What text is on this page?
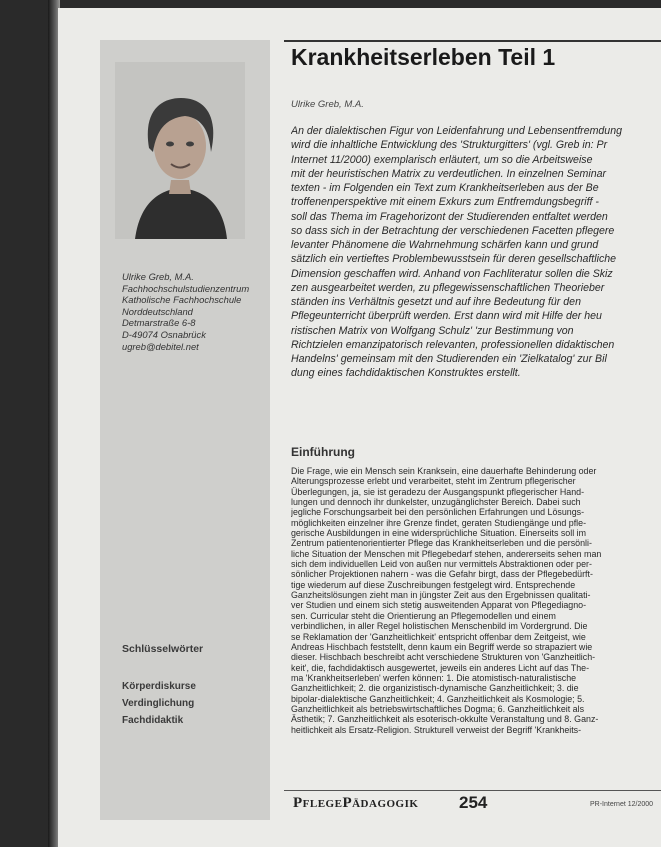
Ulrike Greb, M.A.
Fachhochschulstudienzentrum
Katholische Fachhochschule
Norddeutschland
Detmarstraße 6-8
D-49074 Osnabrück
ugreb@debitel.net
Schlüsselwörter
Körperdiskurse
Verdinglichung
Fachdidaktik
Krankheitserleben Teil 1
Ulrike Greb, M.A.
An der dialektischen Figur von Leidenfahrung und Lebensentfremdung
wird die inhaltliche Entwicklung des 'Strukturgitters' (vgl. Greb in: Pr
Internet 11/2000) exemplarisch erläutert, um so die Arbeitsweise
mit der heuristischen Matrix zu verdeutlichen. In einzelnen Seminar
texten - im Folgenden ein Text zum Krankheitserleben aus der Be
troffenenperspektive mit einem Exkurs zum Entfremdungsbegriff -
soll das Thema im Fragehorizont der Studierenden entfaltet werden
so dass sich in der Betrachtung der verschiedenen Facetten pflegere
levanter Phänomene die Wahrnehmung schärfen kann und grund
sätzlich ein vertieftes Problembewusstsein für deren gesellschaftliche
Dimension geschaffen wird. Anhand von Fachliteratur sollen die Skiz
zen ausgearbeitet werden, zu pflegewissenschaftlichen Theorieber
ständen ins Verhältnis gesetzt und auf ihre Bedeutung für den
Pflegeunterricht überprüft werden. Erst dann wird mit Hilfe der heu
ristischen Matrix von Wolfgang Schulz' 'zur Bestimmung von
Richtzielen emanzipatorisch relevanten, professionellen didaktischen
Handelns' gemeinsam mit den Studierenden ein 'Zielkatalog' zur Bil
dung eines fachdidaktischen Konstruktes erstellt.
Einführung
Die Frage, wie ein Mensch sein Kranksein, eine dauerhafte Behinderung oder
Alterungsprozesse erlebt und verarbeitet, steht im Zentrum pflegerischer
Überlegungen, ja, sie ist geradezu der Ausgangspunkt pflegerischer Hand-
lungen und dennoch ihr dunkelster, unzugänglichster Bereich. Dabei such
jegliche Forschungsarbeit bei den persönlichen Erfahrungen und Lösungs-
möglichkeiten einzelner ihre Grenze findet, geraten Studiengänge und pfle-
gerische Ausbildungen in eine widersprüchliche Situation. Einerseits soll im
Zentrum patientenorientierter Pflege das Krankheitserleben und die persönli-
liche Situation der Menschen mit Pflegebedarf stehen, andererseits sehen man
sich dem individuellen Leid von außen nur vermittels Abstraktionen oder per-
sönlicher Projektionen nahern - was die Gefahr birgt, dass der Pflegebedürft-
tige wiederum auf diese Zuschreibungen festgelegt wird. Entsprechende
Ganzheitslösungen zieht man in jüngster Zeit aus den Ergebnissen qualitati-
ver Studien und einem sich stetig ausweitenden Apparat von Pflegediagno-
sen. Curricular steht die Orientierung an Pflegemodellen und einem
verbindlichen, in aller Regel holistischen Menschenbild im Vordergrund. Die
se Reklamation der 'Ganzheitlichkeit' entspricht offenbar dem Zeitgeist, wie
Andreas Hischbach feststellt, denn kaum ein Begriff werde so strapaziert wie
dieser. Hischbach beschreibt acht verschiedene Strukturen von 'Ganzheitlich-
keit', die, fachdidaktisch ausgewertet, jeweils ein anderes Licht auf das The-
ma 'Krankheitserleben' werfen können: 1. Die atomistisch-naturalistische
Ganzheitlichkeit; 2. die organizistisch-dynamische Ganzheitlichkeit; 3. die
bipolar-dialektische Ganzheitlichkeit; 4. Ganzheitlichkeit als Kosmologie; 5.
Ganzheitlichkeit als betriebswirtschaftliches Dogma; 6. Ganzheitlichkeit als
Ästhetik; 7. Ganzheitlichkeit als esoterisch-okkulte Veranstaltung und 8. Ganz-
heitlichkeit als Ersatz-Religion. Strukturell verweist der Begriff 'Krankheits-
PflegePädagogik 254	PR-Internet 12/2000
